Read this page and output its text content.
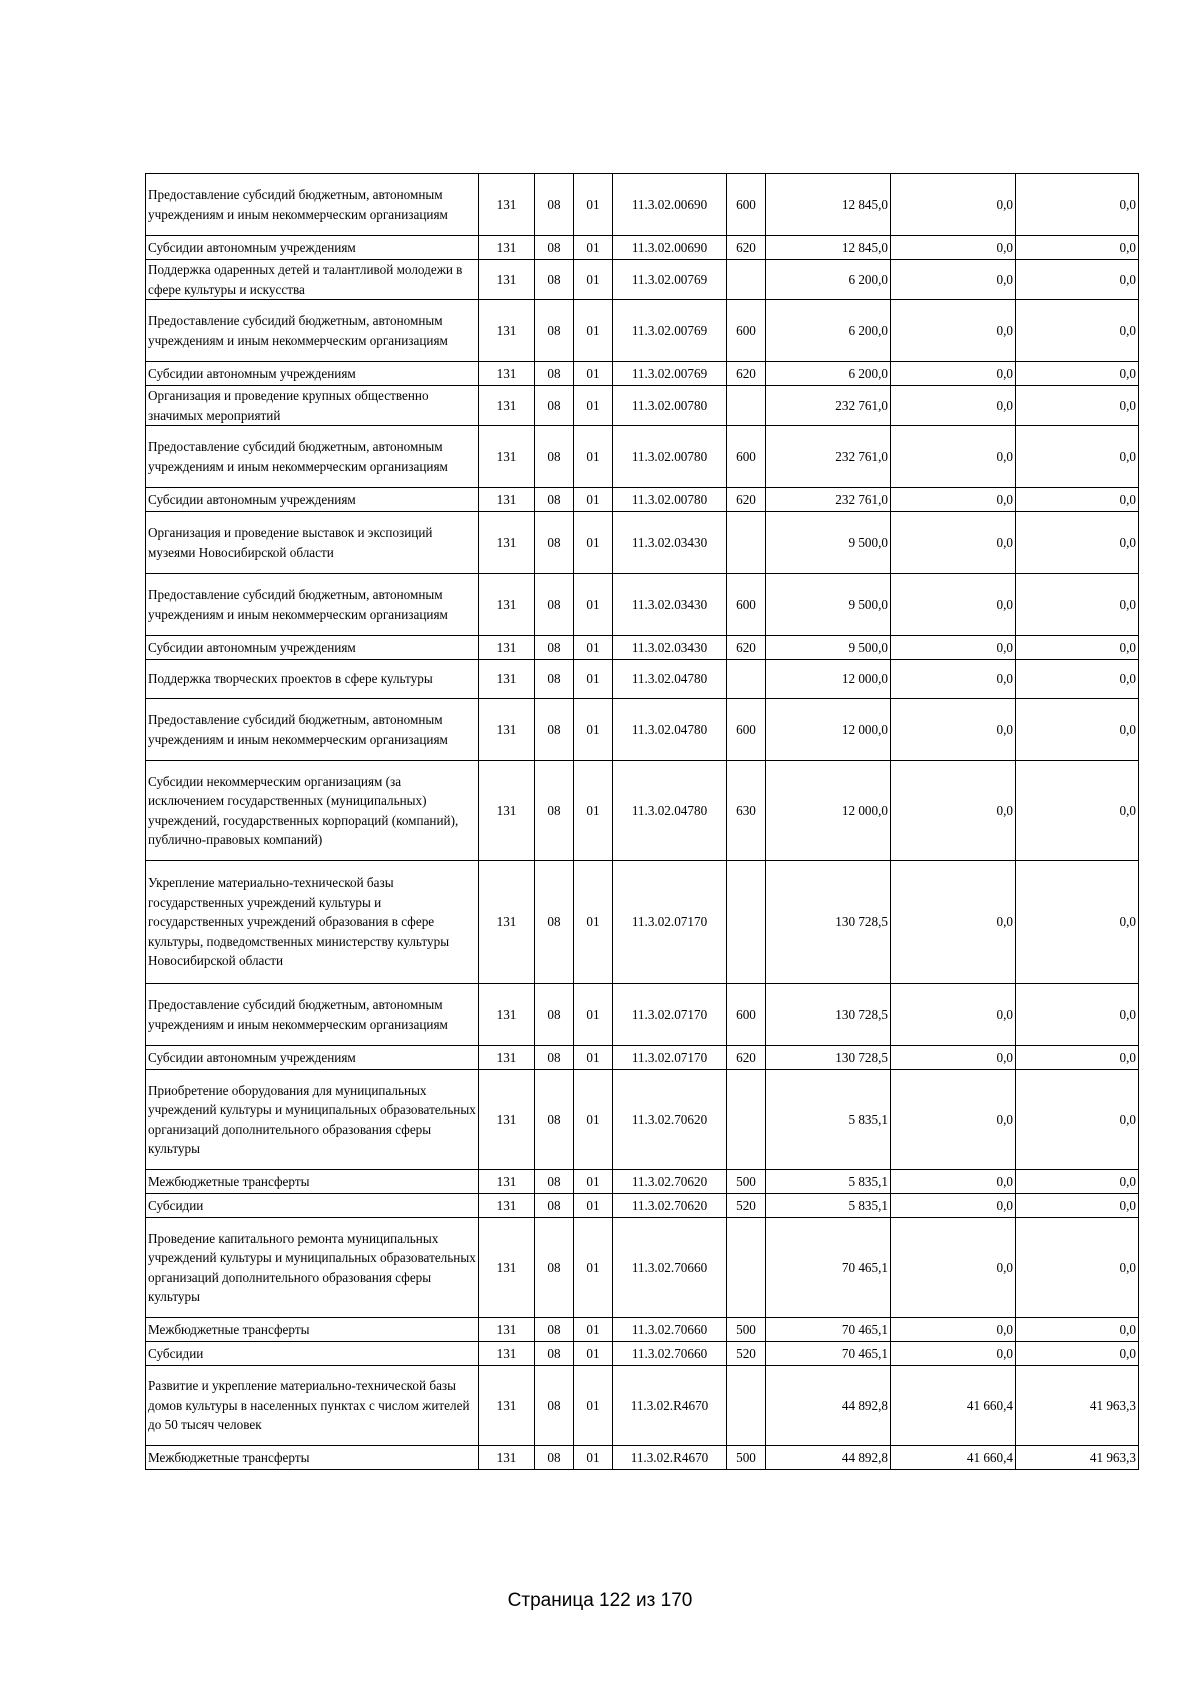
Предоставление субсидий бюджетным, автономным учреждениям и иным некоммерческим организациям	131	08	01	11.3.02.00690	600	12 845,0	0,0	0,0
Субсидии автономным учреждениям	131	08	01	11.3.02.00690	620	12 845,0	0,0	0,0
Поддержка одаренных детей и талантливой молодежи в сфере культуры и искусства	131	08	01	11.3.02.00769		6 200,0	0,0	0,0
Предоставление субсидий бюджетным, автономным учреждениям и иным некоммерческим организациям	131	08	01	11.3.02.00769	600	6 200,0	0,0	0,0
Субсидии автономным учреждениям	131	08	01	11.3.02.00769	620	6 200,0	0,0	0,0
Организация и проведение крупных общественно значимых мероприятий	131	08	01	11.3.02.00780		232 761,0	0,0	0,0
Предоставление субсидий бюджетным, автономным учреждениям и иным некоммерческим организациям	131	08	01	11.3.02.00780	600	232 761,0	0,0	0,0
Субсидии автономным учреждениям	131	08	01	11.3.02.00780	620	232 761,0	0,0	0,0
Организация и проведение выставок и экспозиций музеями Новосибирской области	131	08	01	11.3.02.03430		9 500,0	0,0	0,0
Предоставление субсидий бюджетным, автономным учреждениям и иным некоммерческим организациям	131	08	01	11.3.02.03430	600	9 500,0	0,0	0,0
Субсидии автономным учреждениям	131	08	01	11.3.02.03430	620	9 500,0	0,0	0,0
Поддержка творческих проектов в сфере культуры	131	08	01	11.3.02.04780		12 000,0	0,0	0,0
Предоставление субсидий бюджетным, автономным учреждениям и иным некоммерческим организациям	131	08	01	11.3.02.04780	600	12 000,0	0,0	0,0
Субсидии некоммерческим организациям (за исключением государственных (муниципальных) учреждений, государственных корпораций (компаний), публично-правовых компаний)	131	08	01	11.3.02.04780	630	12 000,0	0,0	0,0
Укрепление материально-технической базы государственных учреждений культуры и государственных учреждений образования в сфере культуры, подведомственных министерству культуры Новосибирской области	131	08	01	11.3.02.07170		130 728,5	0,0	0,0
Предоставление субсидий бюджетным, автономным учреждениям и иным некоммерческим организациям	131	08	01	11.3.02.07170	600	130 728,5	0,0	0,0
Субсидии автономным учреждениям	131	08	01	11.3.02.07170	620	130 728,5	0,0	0,0
Приобретение оборудования для муниципальных учреждений культуры и муниципальных образовательных организаций дополнительного образования сферы культуры	131	08	01	11.3.02.70620		5 835,1	0,0	0,0
Межбюджетные трансферты	131	08	01	11.3.02.70620	500	5 835,1	0,0	0,0
Субсидии	131	08	01	11.3.02.70620	520	5 835,1	0,0	0,0
Проведение капитального ремонта муниципальных учреждений культуры и муниципальных образовательных организаций дополнительного образования сферы культуры	131	08	01	11.3.02.70660		70 465,1	0,0	0,0
Межбюджетные трансферты	131	08	01	11.3.02.70660	500	70 465,1	0,0	0,0
Субсидии	131	08	01	11.3.02.70660	520	70 465,1	0,0	0,0
Развитие и укрепление материально-технической базы домов культуры в населенных пунктах с числом жителей до 50 тысяч человек	131	08	01	11.3.02.R4670		44 892,8	41 660,4	41 963,3
Межбюджетные трансферты	131	08	01	11.3.02.R4670	500	44 892,8	41 660,4	41 963,3
Страница 122 из 170
